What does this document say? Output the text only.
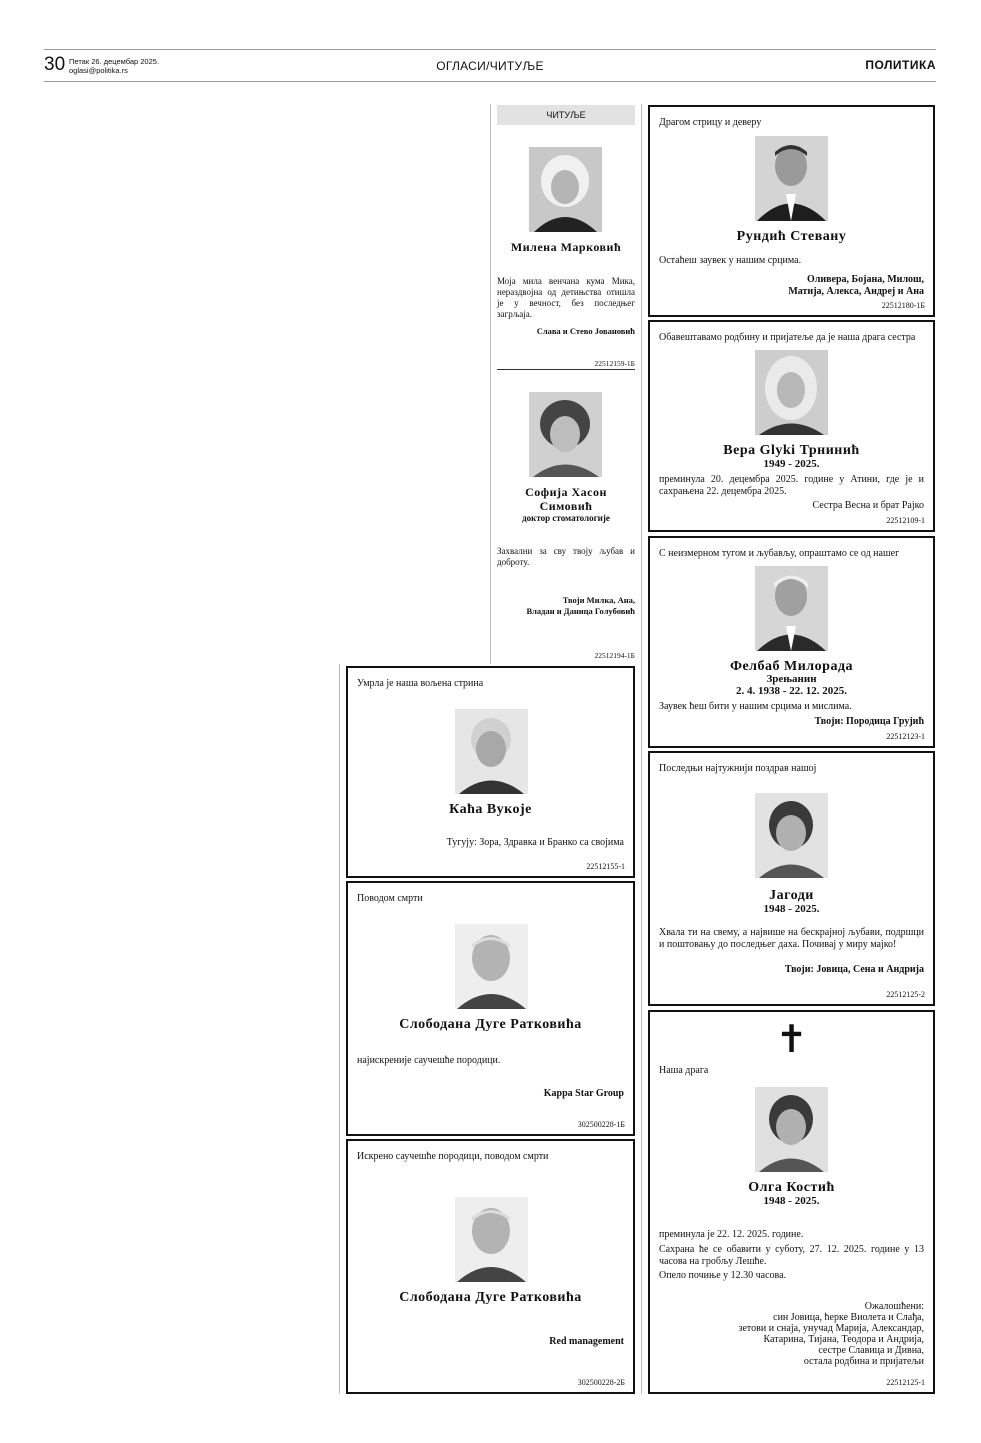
30 Петак 26. децембар 2025.
oglasi@politika.rs	ОГЛАСИ/ЧИТУЉЕ	ПОЛИТИКА
ЧИТУЉЕ
Милена Марковић
Моја мила венчана кума Мика, нераздвојна од детињства отишла је у вечност, без последњег загрљаја.
Слава и Стево Јовановић
22512159-1Б
Софија Хасон
Симовић
доктор стоматологије
Захвални за сву твоју љубав и доброту.
Твоји Милка, Ана,
Владан и Даница Голубовић
22512194-1Б
Драгом стрицу и девеpу
Рундић Стевану
Остаћеш заувек у нашим срцима.
Оливера, Бојана, Милош,
Матија, Алекса, Андреј и Ана
22512180-1Б
Обавештавамо родбину и пријатеље да је наша драга сестра
Вера Glyki Трнинић
1949 - 2025.
преминула 20. децембра 2025. године у Атини, где је и сахрањена 22. децембра 2025.
Сестра Весна и брат Рајко
22512109-1
С неизмерном тугом и љубављу, опраштамо се од нашег
Фелбаб Милорада
Зрењанин
2. 4. 1938 - 22. 12. 2025.
Заувек ћеш бити у нашим срцима и мислима.
Твоји: Породица Грујић
22512123-1
Последњи најтужнији поздрав нашој
Јагоди
1948 - 2025.
Хвала ти на свему, а највише на бескрајној љубави, подршци и поштовању до последњег даха. Почивај у миру мајко!
Твоји: Јовица, Сена и Андрија
22512125-2
✝
Наша драга
Олга Костић
1948 - 2025.
преминула је 22. 12. 2025. године.
Сахрана ће се обавити у суботу, 27. 12. 2025. године у 13 часова на гробљу Лешће.
Опело почиње у 12.30 часова.
Ожалошћени:
син Јовица, ћерке Виолета и Слађа,
зетови и снаја, унучад Марија, Александар,
Катарина, Тијана, Теодора и Андрија,
сестре Славица и Дивна,
остала родбина и пријатељи
22512125-1
Умрла је наша вољена стрина
Каћа Вукоје
Тугују: Зора, Здравка и Бранко са својима
22512155-1
Поводом смрти
Слободана Дуге Ратковића
најискреније саучешће породици.
Kappa Star Group
302500228-1Б
Искрено саучешће породици, поводом смрти
Слободана Дуге Ратковића
Red management
302500228-2Б
